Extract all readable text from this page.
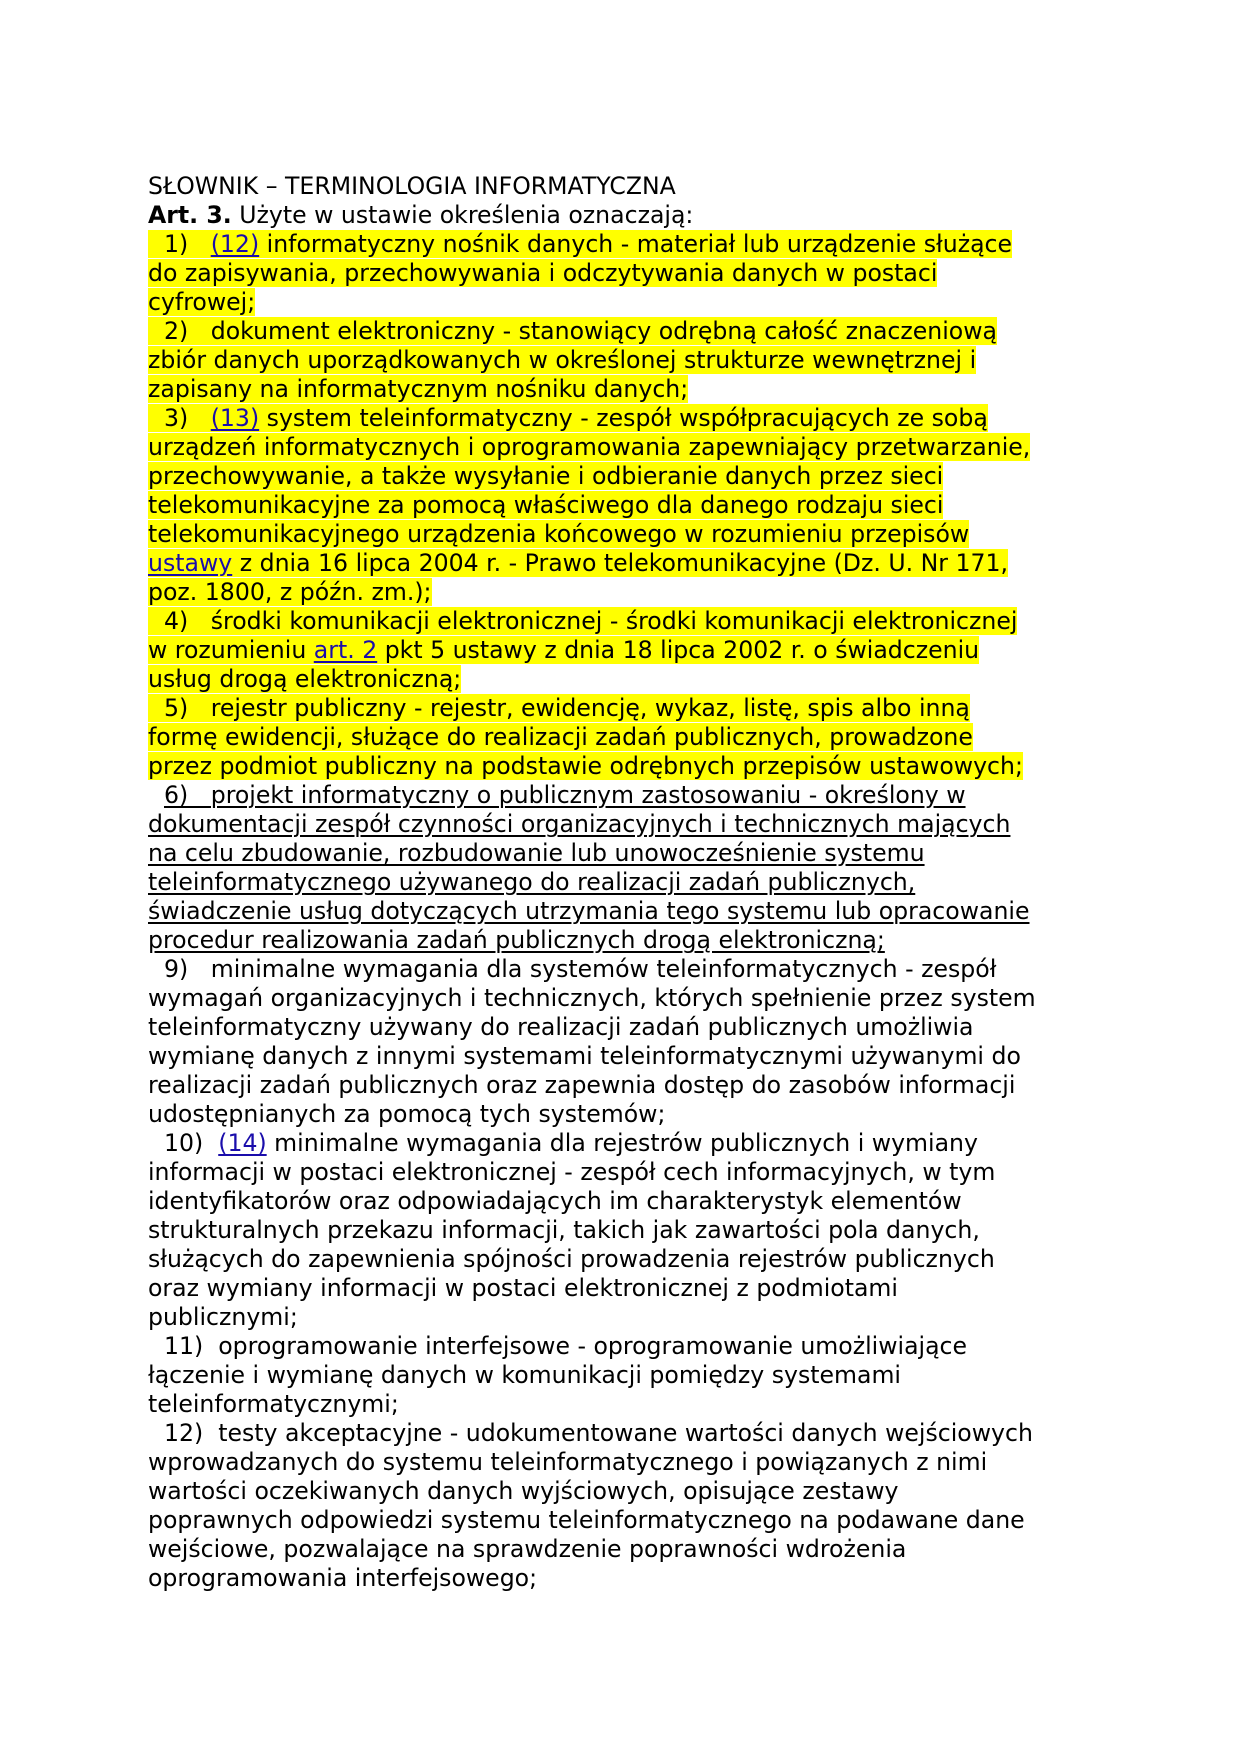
SŁOWNIK – TERMINOLOGIA INFORMATYCZNA
Art. 3. Użyte w ustawie określenia oznaczają:
1)   (12) informatyczny nośnik danych - materiał lub urządzenie służące
do zapisywania, przechowywania i odczytywania danych w postaci
cyfrowej;
2)   dokument elektroniczny - stanowiący odrębną całość znaczeniową
zbiór danych uporządkowanych w określonej strukturze wewnętrznej i
zapisany na informatycznym nośniku danych;
3)   (13) system teleinformatyczny - zespół współpracujących ze sobą
urządzeń informatycznych i oprogramowania zapewniający przetwarzanie,
przechowywanie, a także wysyłanie i odbieranie danych przez sieci
telekomunikacyjne za pomocą właściwego dla danego rodzaju sieci
telekomunikacyjnego urządzenia końcowego w rozumieniu przepisów
ustawy z dnia 16 lipca 2004 r. - Prawo telekomunikacyjne (Dz. U. Nr 171,
poz. 1800, z późn. zm.);
4)   środki komunikacji elektronicznej - środki komunikacji elektronicznej
w rozumieniu art. 2 pkt 5 ustawy z dnia 18 lipca 2002 r. o świadczeniu
usług drogą elektroniczną;
5)   rejestr publiczny - rejestr, ewidencję, wykaz, listę, spis albo inną
formę ewidencji, służące do realizacji zadań publicznych, prowadzone
przez podmiot publiczny na podstawie odrębnych przepisów ustawowych;
6)   projekt informatyczny o publicznym zastosowaniu - określony w
dokumentacji zespół czynności organizacyjnych i technicznych mających
na celu zbudowanie, rozbudowanie lub unowocześnienie systemu
teleinformatycznego używanego do realizacji zadań publicznych,
świadczenie usług dotyczących utrzymania tego systemu lub opracowanie
procedur realizowania zadań publicznych drogą elektroniczną;
9)   minimalne wymagania dla systemów teleinformatycznych - zespół
wymagań organizacyjnych i technicznych, których spełnienie przez system
teleinformatyczny używany do realizacji zadań publicznych umożliwia
wymianę danych z innymi systemami teleinformatycznymi używanymi do
realizacji zadań publicznych oraz zapewnia dostęp do zasobów informacji
udostępnianych za pomocą tych systemów;
10)  (14) minimalne wymagania dla rejestrów publicznych i wymiany
informacji w postaci elektronicznej - zespół cech informacyjnych, w tym
identyfikatorów oraz odpowiadających im charakterystyk elementów
strukturalnych przekazu informacji, takich jak zawartości pola danych,
służących do zapewnienia spójności prowadzenia rejestrów publicznych
oraz wymiany informacji w postaci elektronicznej z podmiotami
publicznymi;
11)  oprogramowanie interfejsowe - oprogramowanie umożliwiające
łączenie i wymianę danych w komunikacji pomiędzy systemami
teleinformatycznymi;
12)  testy akceptacyjne - udokumentowane wartości danych wejściowych
wprowadzanych do systemu teleinformatycznego i powiązanych z nimi
wartości oczekiwanych danych wyjściowych, opisujące zestawy
poprawnych odpowiedzi systemu teleinformatycznego na podawane dane
wejściowe, pozwalające na sprawdzenie poprawności wdrożenia
oprogramowania interfejsowego;
